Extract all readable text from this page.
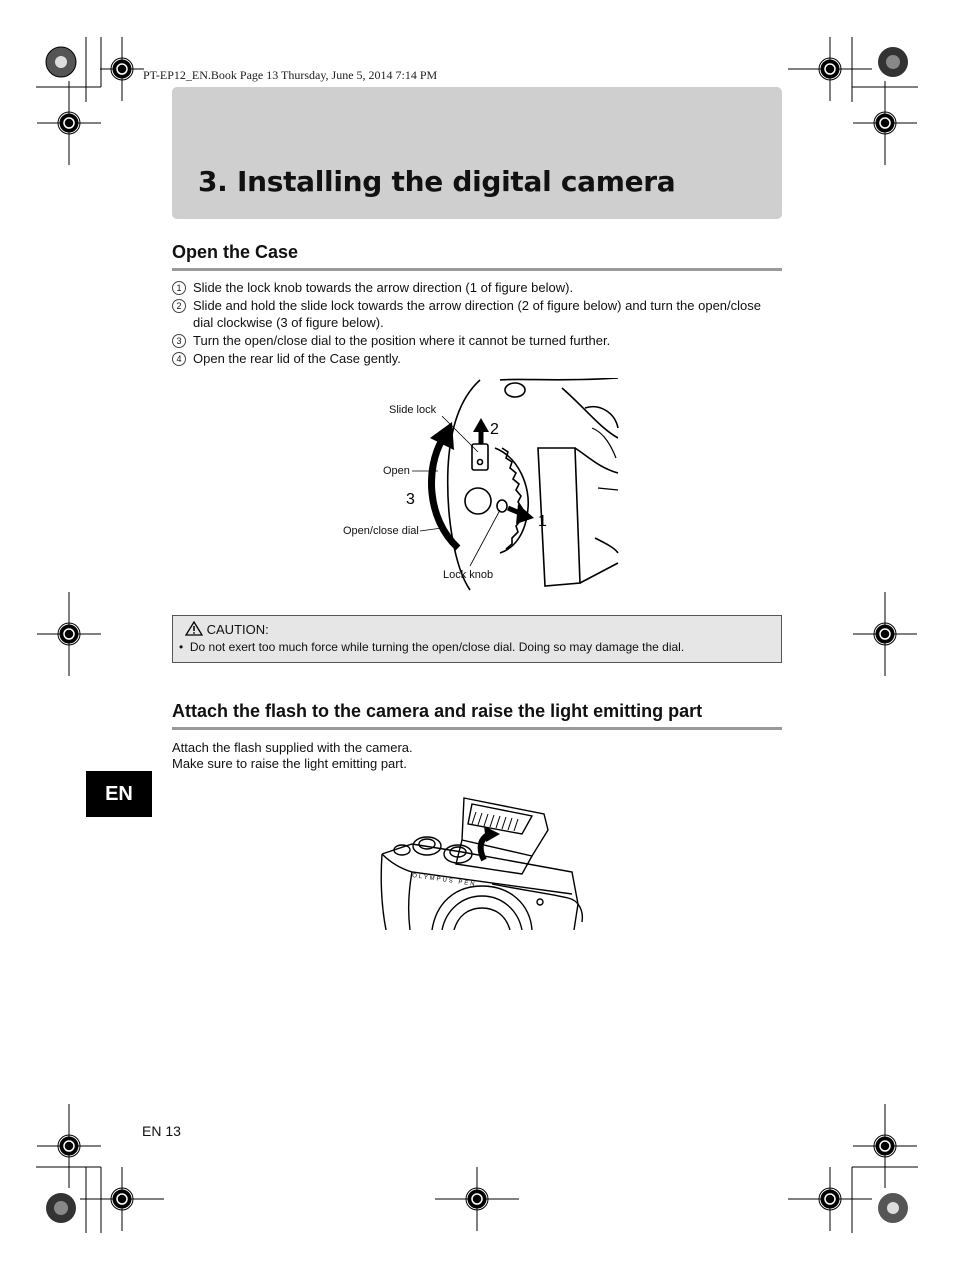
PT-EP12_EN.Book Page 13 Thursday, June 5, 2014 7:14 PM
3. Installing the digital camera
Open the Case
1 Slide the lock knob towards the arrow direction (1 of figure below).
2 Slide and hold the slide lock towards the arrow direction (2 of figure below) and turn the open/close dial clockwise (3 of figure below).
3 Turn the open/close dial to the position where it cannot be turned further.
4 Open the rear lid of the Case gently.
2
3
1
Slide lock
Open
Open/close dial
Lock knob
CAUTION:
• Do not exert too much force while turning the open/close dial. Doing so may damage the dial.
Attach the flash to the camera and raise the light emitting part
Attach the flash supplied with the camera.
Make sure to raise the light emitting part.
EN
OLYMPUS PEN
EN 13
